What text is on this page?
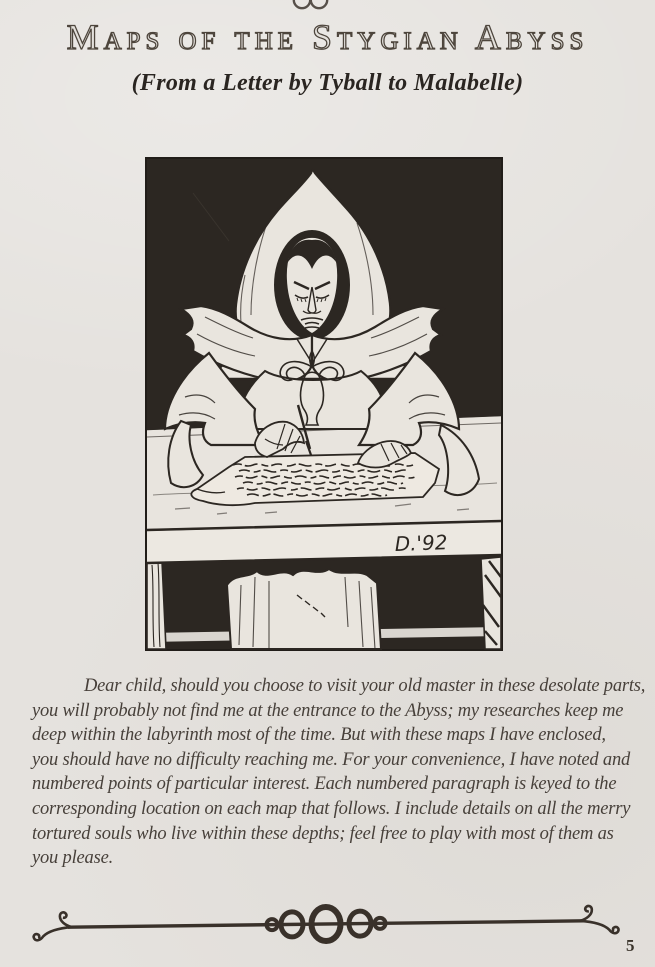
Maps of the Stygian Abyss
(From a Letter by Tyball to Malabelle)
D.'92
Dear child, should you choose to visit your old master in these desolate parts,
you will probably not find me at the entrance to the Abyss; my researches keep me
deep within the labyrinth most of the time. But with these maps I have enclosed,
you should have no difficulty reaching me. For your convenience, I have noted and
numbered points of particular interest. Each numbered paragraph is keyed to the
corresponding location on each map that follows. I include details on all the merry
tortured souls who live within these depths; feel free to play with most of them as
you please.
5
